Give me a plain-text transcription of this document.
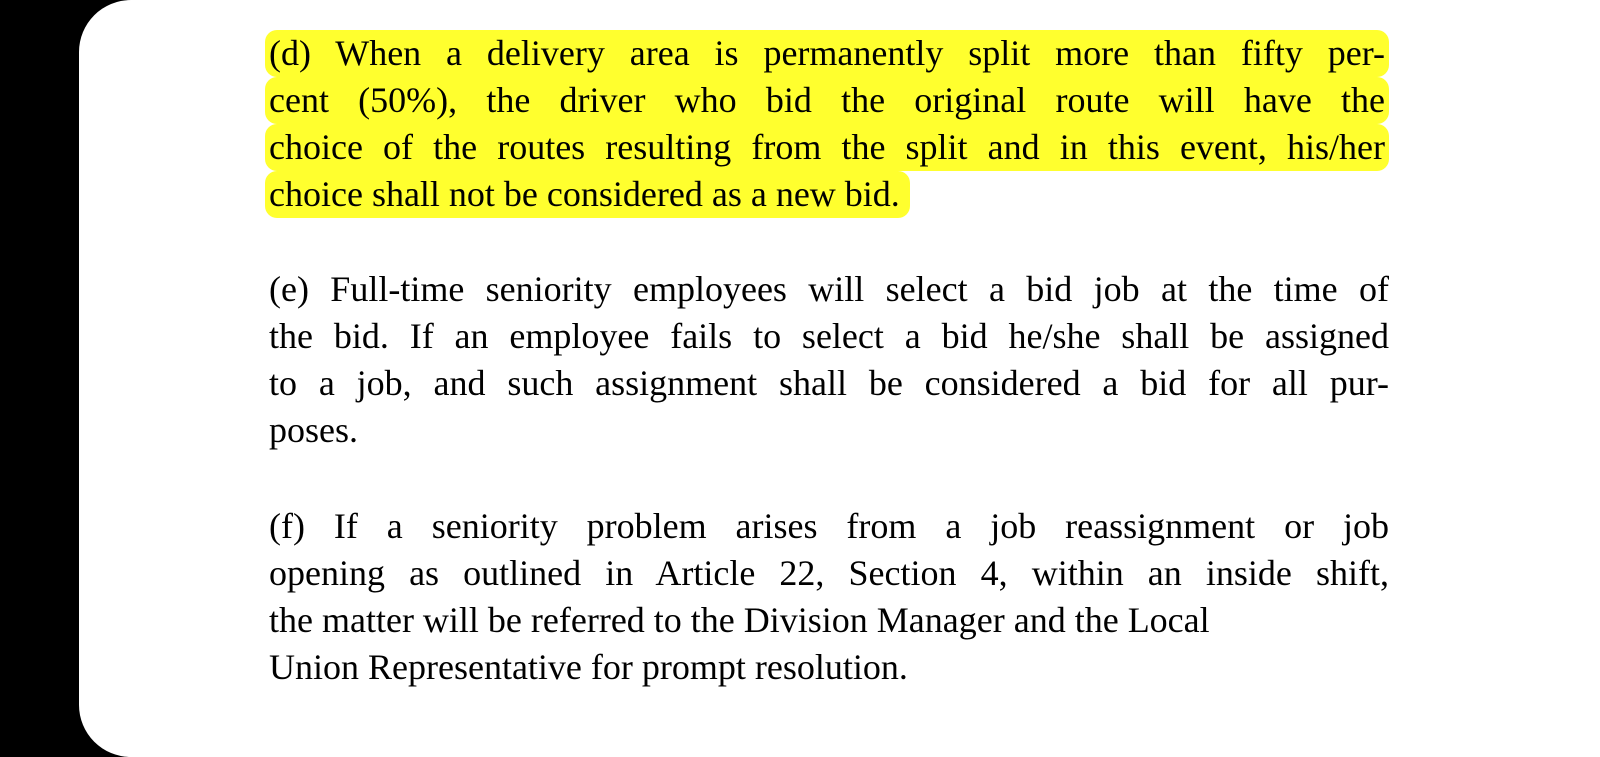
(d) When a delivery area is permanently split more than fifty per-
cent (50%), the driver who bid the original route will have the
choice of the routes resulting from the split and in this event, his/her
choice shall not be considered as a new bid.
(e) Full-time seniority employees will select a bid job at the time of
the bid. If an employee fails to select a bid he/she shall be assigned
to a job, and such assignment shall be considered a bid for all pur-
poses.
(f) If a seniority problem arises from a job reassignment or job
opening as outlined in Article 22, Section 4, within an inside shift,
the matter will be referred to the Division Manager and the Local
Union Representative for prompt resolution.
